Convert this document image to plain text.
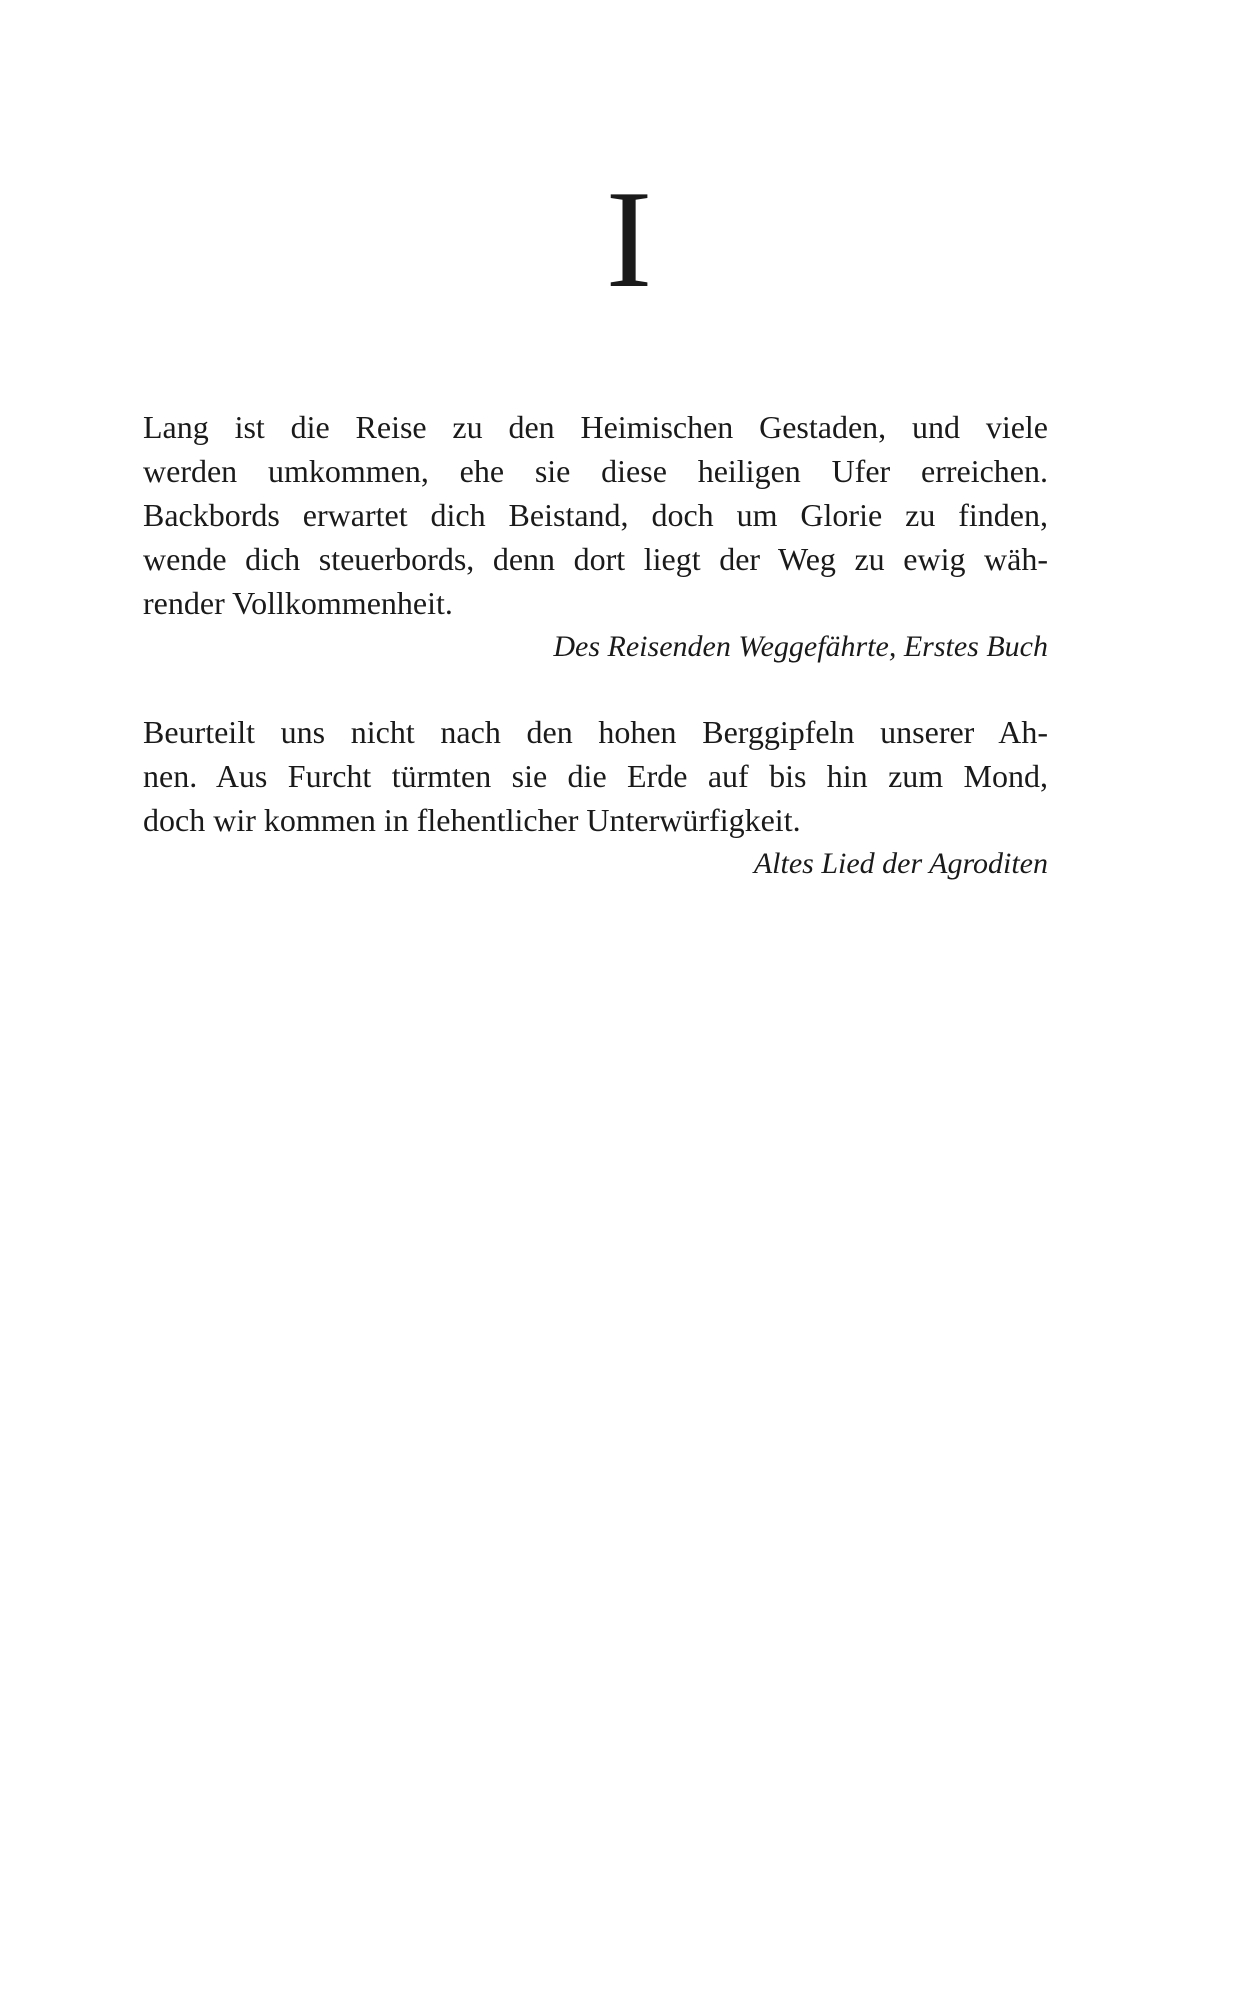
I
Lang ist die Reise zu den Heimischen Gestaden, und viele
werden umkommen, ehe sie diese heiligen Ufer erreichen.
Backbords erwartet dich Beistand, doch um Glorie zu finden,
wende dich steuerbords, denn dort liegt der Weg zu ewig wäh-
render Vollkommenheit.
Des Reisenden Weggefährte, Erstes Buch
Beurteilt uns nicht nach den hohen Berggipfeln unserer Ah-
nen. Aus Furcht türmten sie die Erde auf bis hin zum Mond,
doch wir kommen in flehentlicher Unterwürfigkeit.
Altes Lied der Agroditen
